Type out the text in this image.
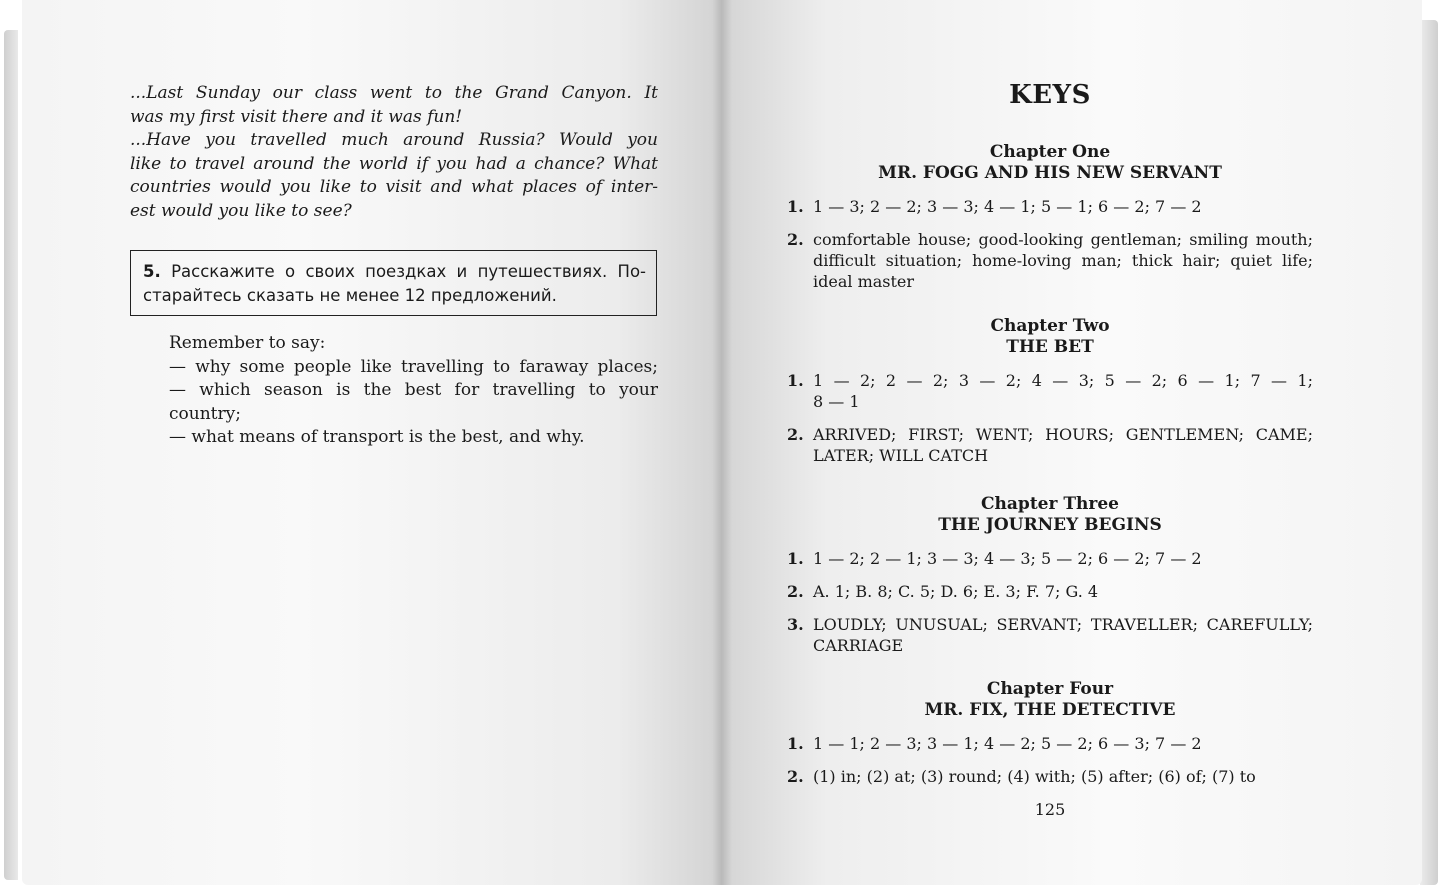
...Last Sunday our class went to the Grand Canyon. It
was my first visit there and it was fun!
...Have you travelled much around Russia? Would you
like to travel around the world if you had a chance? What
countries would you like to visit and what places of inter-
est would you like to see?
5. Расскажите о своих поездках и путешествиях. По-
старайтесь сказать не менее 12 предложений.
Remember to say:
— why some people like travelling to faraway places;
— which season is the best for travelling to your
country;
— what means of transport is the best, and why.
KEYS
Chapter One
MR. FOGG AND HIS NEW SERVANT
1. 1 — 3; 2 — 2; 3 — 3; 4 — 1; 5 — 1; 6 — 2; 7 — 2
2. comfortable house; good-looking gentleman; smiling mouth;
difficult situation; home-loving man; thick hair; quiet life;
ideal master
Chapter Two
THE BET
1. 1 — 2; 2 — 2; 3 — 2; 4 — 3; 5 — 2; 6 — 1; 7 — 1;
8 — 1
2. ARRIVED; FIRST; WENT; HOURS; GENTLEMEN; CAME;
LATER; WILL CATCH
Chapter Three
THE JOURNEY BEGINS
1. 1 — 2; 2 — 1; 3 — 3; 4 — 3; 5 — 2; 6 — 2; 7 — 2
2. A. 1; B. 8; C. 5; D. 6; E. 3; F. 7; G. 4
3. LOUDLY; UNUSUAL; SERVANT; TRAVELLER; CAREFULLY;
CARRIAGE
Chapter Four
MR. FIX, THE DETECTIVE
1. 1 — 1; 2 — 3; 3 — 1; 4 — 2; 5 — 2; 6 — 3; 7 — 2
2. (1) in; (2) at; (3) round; (4) with; (5) after; (6) of; (7) to
125
